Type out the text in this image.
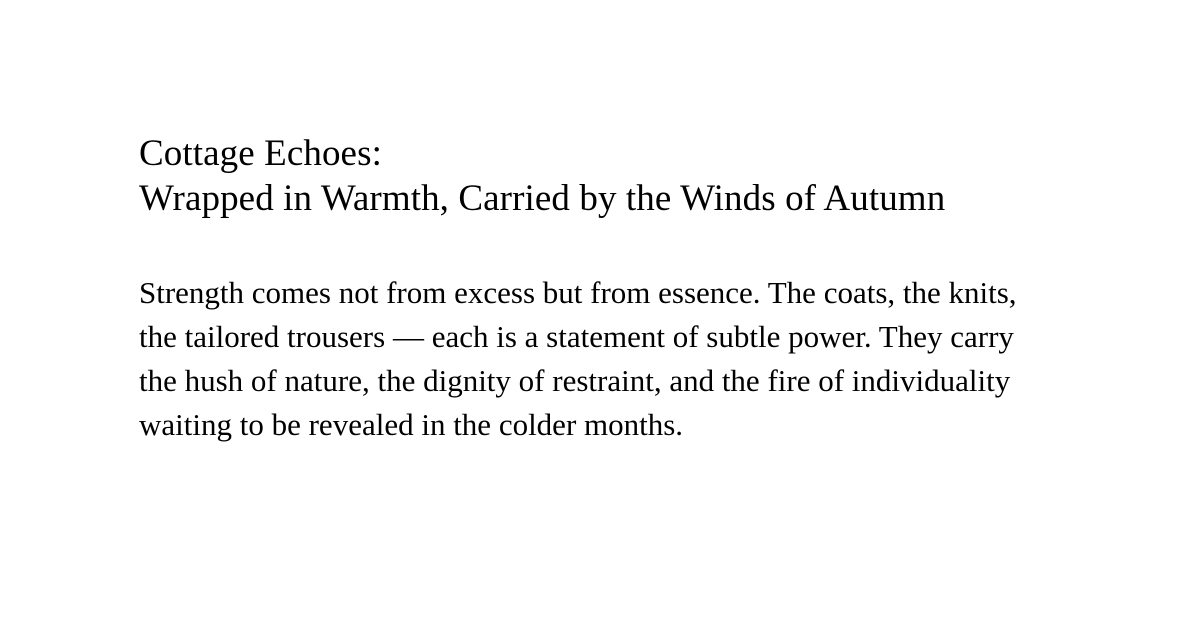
Cottage Echoes:
Wrapped in Warmth, Carried by the Winds of Autumn

Strength comes not from excess but from essence. The coats, the knits, the tailored trousers — each is a statement of subtle power. They carry the hush of nature, the dignity of restraint, and the fire of individuality waiting to be revealed in the colder months.
